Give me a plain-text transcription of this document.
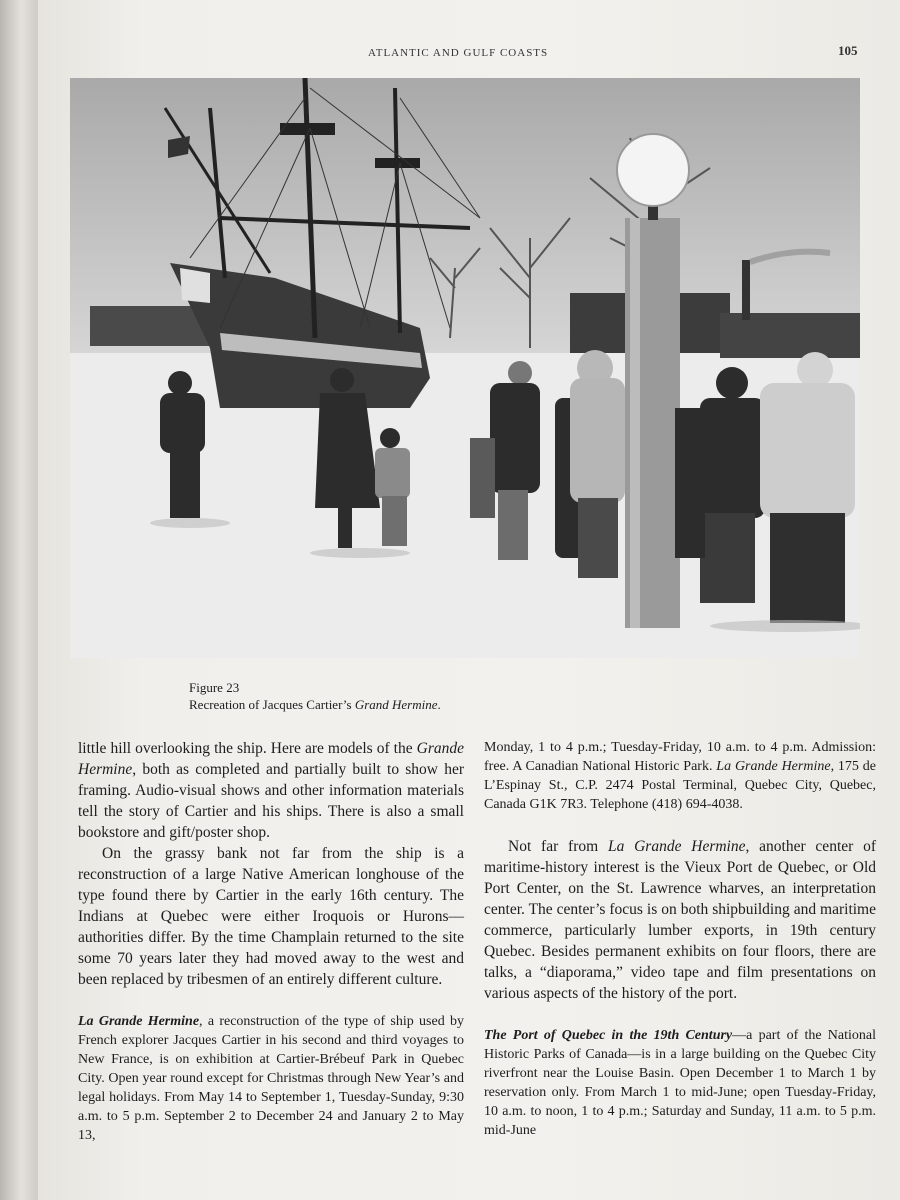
ATLANTIC AND GULF COASTS	105
Figure 23
Recreation of Jacques Cartier’s Grand Hermine.

little hill overlooking the ship. Here are models of the Grande Hermine, both as completed and partially built to show her framing. Audio-visual shows and other information materials tell the story of Cartier and his ships. There is also a small bookstore and gift/poster shop.

On the grassy bank not far from the ship is a reconstruction of a large Native American longhouse of the type found there by Cartier in the early 16th century. The Indians at Quebec were either Iroquois or Hurons—authorities differ. By the time Champlain returned to the site some 70 years later they had moved away to the west and been replaced by tribesmen of an entirely different culture.

La Grande Hermine, a reconstruction of the type of ship used by French explorer Jacques Cartier in his second and third voyages to New France, is on exhibition at Cartier-Brébeuf Park in Quebec City. Open year round except for Christmas through New Year’s and legal holidays. From May 14 to September 1, Tuesday-Sunday, 9:30 a.m. to 5 p.m. September 2 to December 24 and January 2 to May 13,

Monday, 1 to 4 p.m.; Tuesday-Friday, 10 a.m. to 4 p.m. Admission: free. A Canadian National Historic Park. La Grande Hermine, 175 de L’Espinay St., C.P. 2474 Postal Terminal, Quebec City, Quebec, Canada G1K 7R3. Telephone (418) 694-4038.

Not far from La Grande Hermine, another center of maritime-history interest is the Vieux Port de Quebec, or Old Port Center, on the St. Lawrence wharves, an interpretation center. The center’s focus is on both shipbuilding and maritime commerce, particularly lumber exports, in 19th century Quebec. Besides permanent exhibits on four floors, there are talks, a “diaporama,” video tape and film presentations on various aspects of the history of the port.

The Port of Quebec in the 19th Century—a part of the National Historic Parks of Canada—is in a large building on the Quebec City riverfront near the Louise Basin. Open December 1 to March 1 by reservation only. From March 1 to mid-June; open Tuesday-Friday, 10 a.m. to noon, 1 to 4 p.m.; Saturday and Sunday, 11 a.m. to 5 p.m. mid-June
